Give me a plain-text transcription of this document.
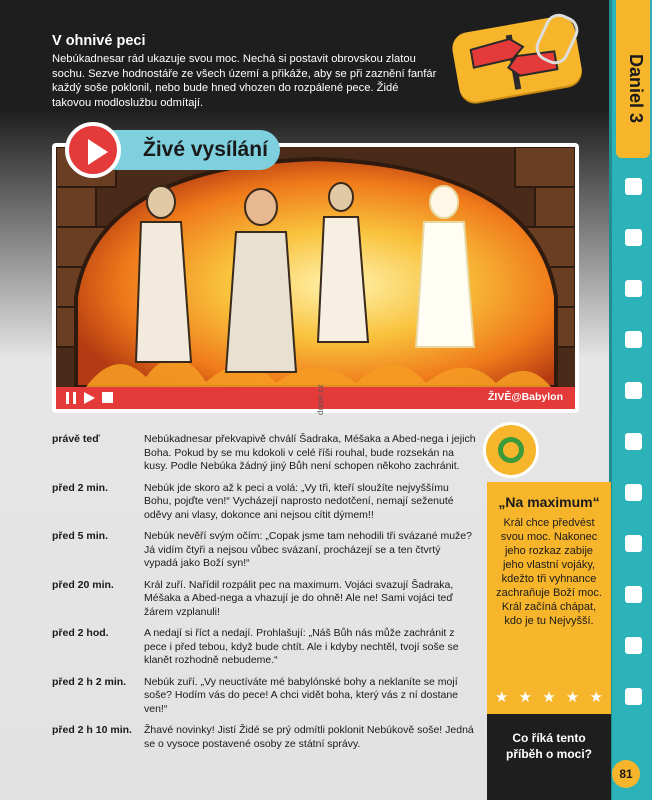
V ohnivé peci

Nebúkadnesar rád ukazuje svou moc. Nechá si postavit obrovskou zlatou sochu. Sezve hodnostáře ze všech území a přikáže, aby se při zaznění fanfár každý soše poklonil, nebo bude hned vhozen do rozpálené pece. Židé takovou modloslužbu odmítají.	Daniel 3
81
ŽIVĚ@Babylon
Živé vysílání
doron.cz
právě teď	Nebúkadnesar překvapivě chválí Šadraka, Méšaka a Abed-nega i jejich Boha. Pokud by se mu kdokoli v celé říši rouhal, bude rozsekán na kusy. Podle Nebúka žádný jiný Bůh není schopen někoho zachránit.
před 2 min.	Nebúk jde skoro až k peci a volá: „Vy tři, kteří sloužíte nejvyššímu Bohu, pojďte ven!“ Vycházejí naprosto nedotčení, nemají seženuté oděvy ani vlasy, dokonce ani nejsou cítit dýmem!!
před 5 min.	Nebúk nevěří svým očím: „Copak jsme tam nehodili tři svázané muže? Já vidím čtyři a nejsou vůbec svázaní, procházejí se a ten čtvrtý vypadá jako Boží syn!“
před 20 min.	Král zuří. Nařídil rozpálit pec na maximum. Vojáci svazují Šadraka, Méšaka a Abed-nega a vhazují je do ohně! Ale ne! Sami vojáci teď žárem vzplanuli!
před 2 hod.	A nedají si říct a nedají. Prohlašují: „Náš Bůh nás může zachránit z pece i před tebou, když bude chtít. Ale i kdyby nechtěl, tvojí soše se klanět rozhodně nebudeme.“
před 2 h 2 min.	Nebúk zuří. „Vy neuctíváte mé babylónské bohy a neklaníte se mojí soše? Hodím vás do pece! A chci vidět boha, který vás z ní dostane ven!“
před 2 h 10 min.	Žhavé novinky! Jistí Židé se prý odmítli poklonit Nebúkově soše! Jedná se o vysoce postavené osoby ze státní správy.
„Na maximum“

Král chce předvést svou moc. Nakonec jeho rozkaz zabije jeho vlastní vojáky, kdežto tři vyhnance zachraňuje Boží moc. Král začíná chápat, kdo je tu Nejvyšší.

★ ★ ★ ★ ★
Co říká tento příběh o moci?
